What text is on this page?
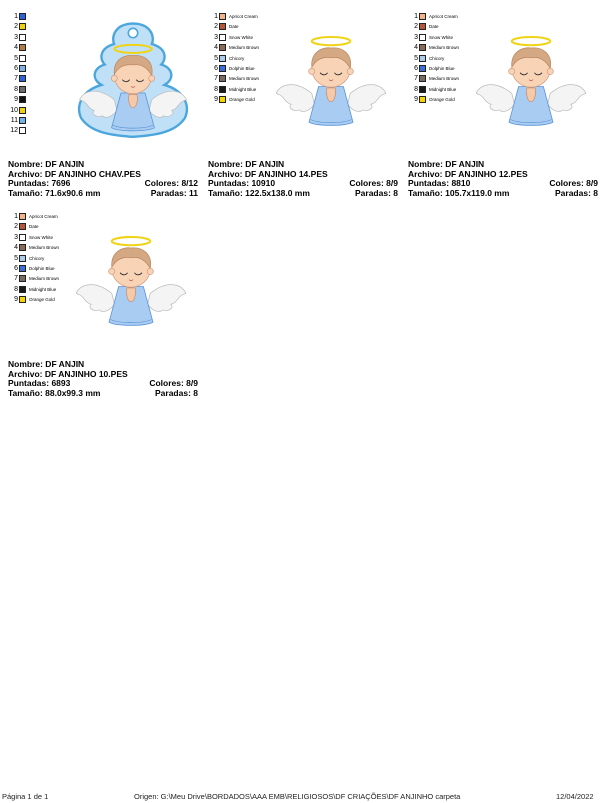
1
2
3
4
5
6
7
8
9
10
11
12
Nombre: DF ANJIN
Archivo: DF ANJINHO CHAV.PES
Puntadas: 7696	Colores: 8/12
Tamaño: 71.6x90.6 mm	Paradas: 11
1 Apricot Cream
2 Date
3 Snow White
4 Medium Brown
5 Chicory
6 Dolphin Blue
7 Medium Brown
8 Midnight Blue
9 Orange Gold
Nombre: DF ANJIN
Archivo: DF ANJINHO 14.PES
Puntadas: 10910	Colores: 8/9
Tamaño: 122.5x138.0 mm	Paradas: 8
1 Apricot Cream
2 Date
3 Snow White
4 Medium Brown
5 Chicory
6 Dolphin Blue
7 Medium Brown
8 Midnight Blue
9 Orange Gold
Nombre: DF ANJIN
Archivo: DF ANJINHO 12.PES
Puntadas: 8810	Colores: 8/9
Tamaño: 105.7x119.0 mm	Paradas: 8
1 Apricot Cream
2 Date
3 Snow White
4 Medium Brown
5 Chicory
6 Dolphin Blue
7 Medium Brown
8 Midnight Blue
9 Orange Gold
Nombre: DF ANJIN
Archivo: DF ANJINHO 10.PES
Puntadas: 6893	Colores: 8/9
Tamaño: 88.0x99.3 mm	Paradas: 8
Página 1 de 1	Origen: G:\Meu Drive\BORDADOS\AAA EMB\RELIGIOSOS\DF CRIAÇÕES\DF ANJINHO carpeta	12/04/2022
